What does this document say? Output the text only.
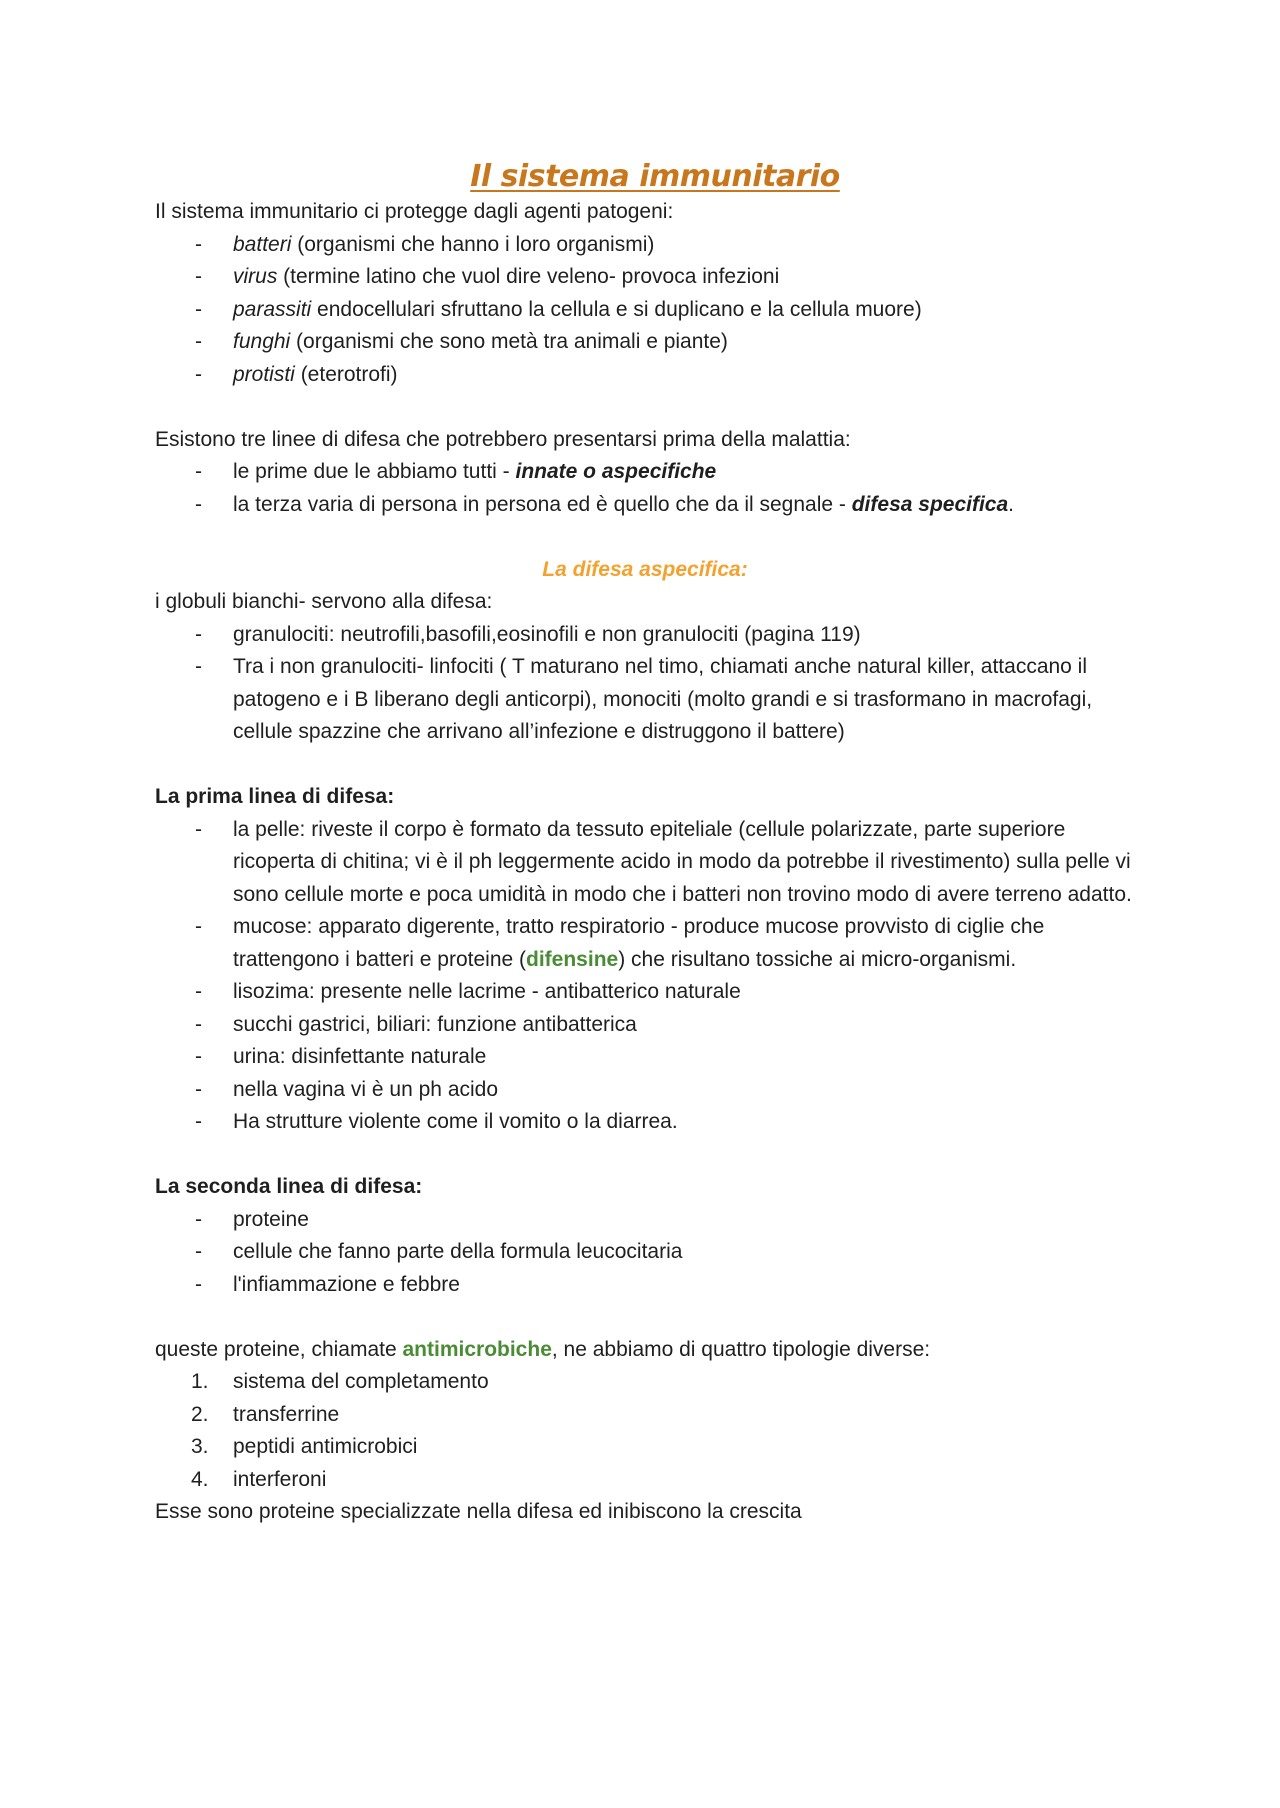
Il sistema immunitario

Il sistema immunitario ci protegge dagli agenti patogeni:

- batteri (organismi che hanno i loro organismi)
- virus (termine latino che vuol dire veleno- provoca infezioni
- parassiti endocellulari sfruttano la cellula e si duplicano e la cellula muore)
- funghi (organismi che sono metà tra animali e piante)
- protisti (eterotrofi)

Esistono tre linee di difesa che potrebbero presentarsi prima della malattia:

- le prime due le abbiamo tutti - innate o aspecifiche
- la terza varia di persona in persona ed è quello che da il segnale - difesa specifica.

La difesa aspecifica:

i globuli bianchi- servono alla difesa:

- granulociti: neutrofili,basofili,eosinofili e non granulociti (pagina 119)
- Tra i non granulociti- linfociti ( T maturano nel timo, chiamati anche natural killer, attaccano il patogeno e i B liberano degli anticorpi), monociti (molto grandi e si trasformano in macrofagi, cellule spazzine che arrivano all’infezione e distruggono il battere)

La prima linea di difesa:

- la pelle: riveste il corpo è formato da tessuto epiteliale (cellule polarizzate, parte superiore ricoperta di chitina; vi è il ph leggermente acido in modo da potrebbe il rivestimento) sulla pelle vi sono cellule morte e poca umidità in modo che i batteri non trovino modo di avere terreno adatto.
- mucose: apparato digerente, tratto respiratorio - produce mucose provvisto di ciglie che trattengono i batteri e proteine (difensine) che risultano tossiche ai micro-organismi.
- lisozima: presente nelle lacrime - antibatterico naturale
- succhi gastrici, biliari: funzione antibatterica
- urina: disinfettante naturale
- nella vagina vi è un ph acido
- Ha strutture violente come il vomito o la diarrea.

La seconda linea di difesa:

- proteine
- cellule che fanno parte della formula leucocitaria
- l'infiammazione e febbre

queste proteine, chiamate antimicrobiche, ne abbiamo di quattro tipologie diverse:

1. sistema del completamento
2. transferrine
3. peptidi antimicrobici
4. interferoni

Esse sono proteine specializzate nella difesa ed inibiscono la crescita
